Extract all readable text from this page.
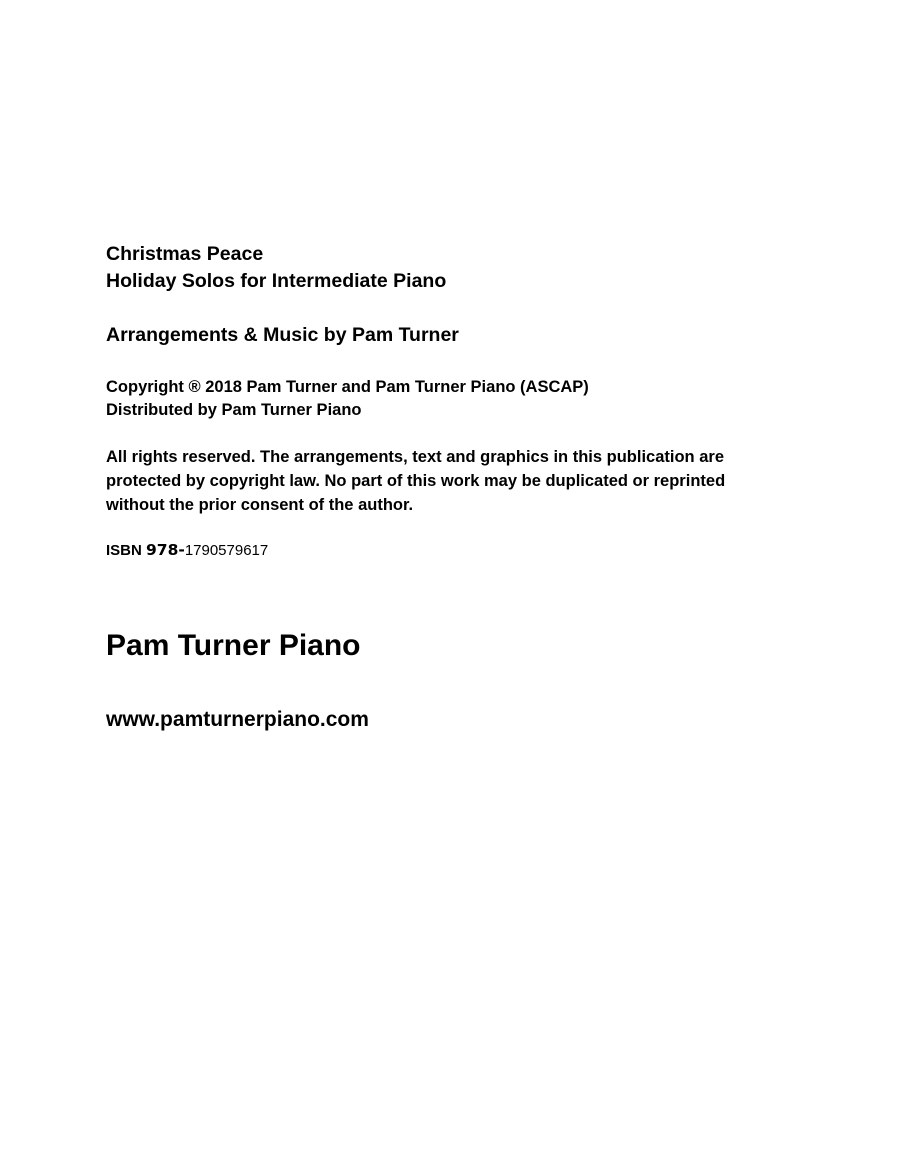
Christmas Peace
Holiday Solos for Intermediate Piano
Arrangements & Music by Pam Turner
Copyright ® 2018 Pam Turner and Pam Turner Piano (ASCAP)
Distributed by Pam Turner Piano
All rights reserved. The arrangements, text and graphics in this publication are
protected by copyright law. No part of this work may be duplicated or reprinted
without the prior consent of the author.
ISBN 978-1790579617
Pam Turner Piano
www.pamturnerpiano.com
